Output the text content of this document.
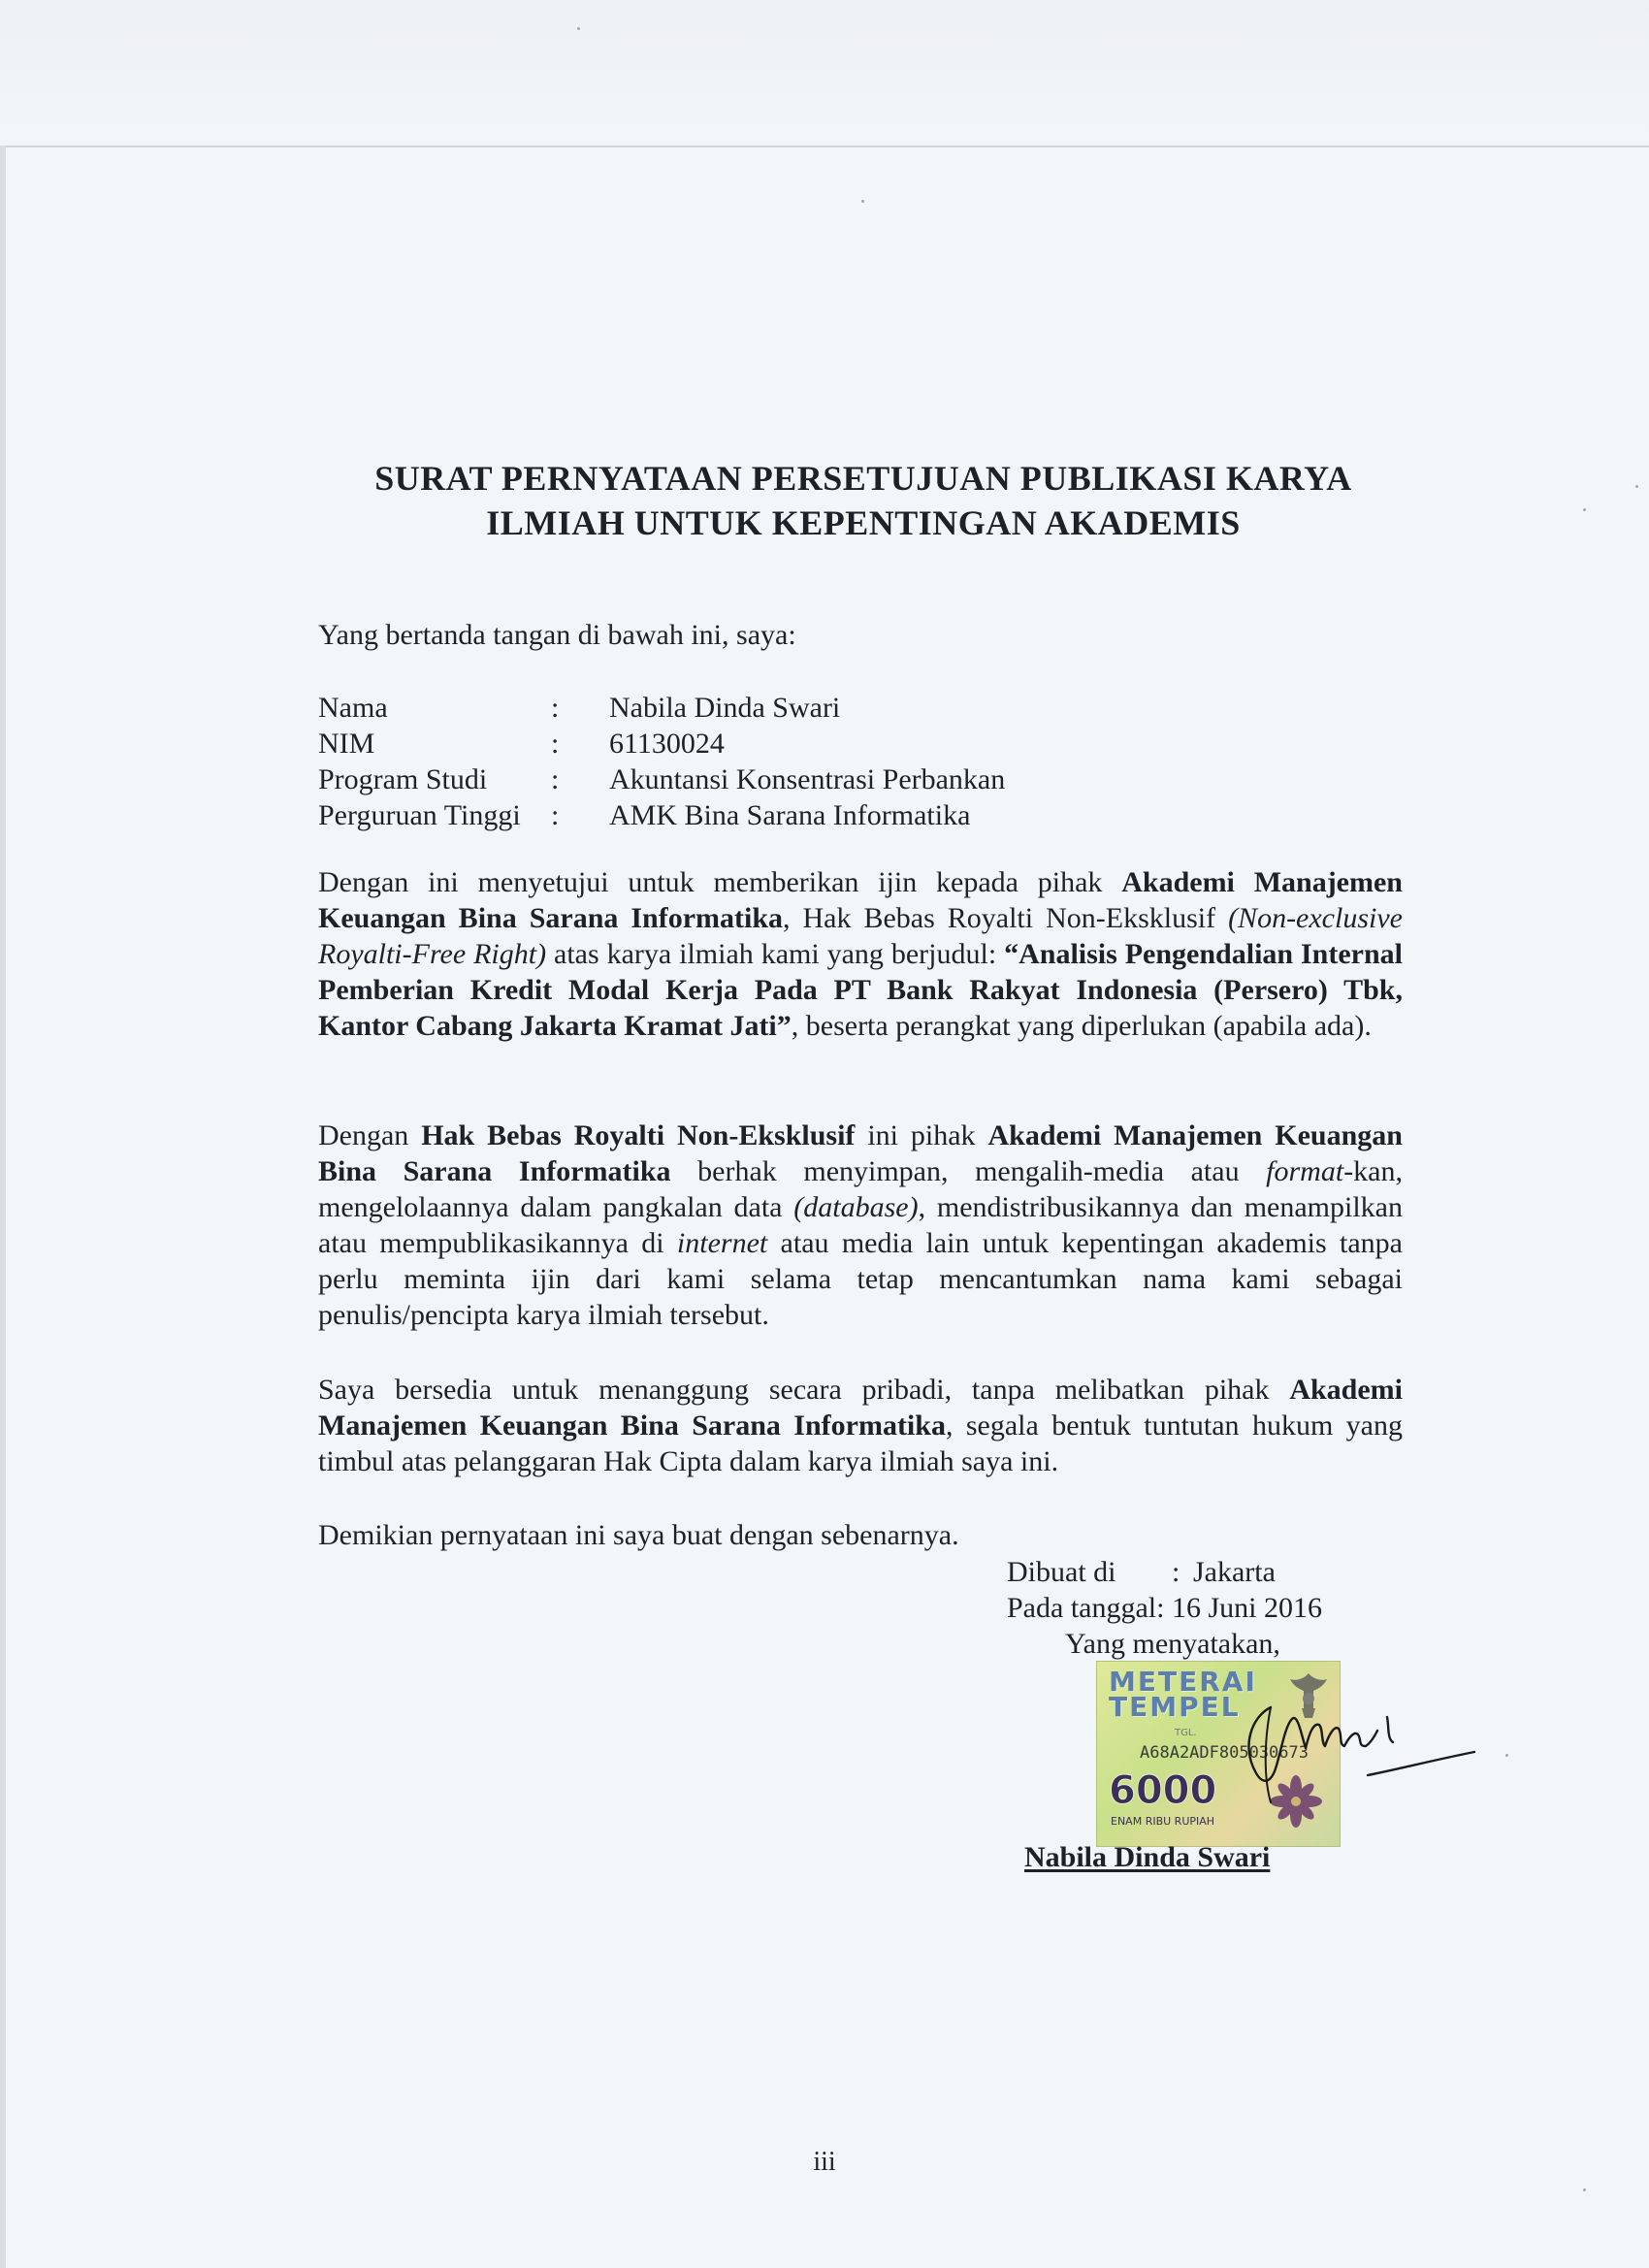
SURAT PERNYATAAN PERSETUJUAN PUBLIKASI KARYA
ILMIAH UNTUK KEPENTINGAN AKADEMIS
Yang bertanda tangan di bawah ini, saya:
Nama	:	Nabila Dinda Swari
NIM	:	61130024
Program Studi	:	Akuntansi Konsentrasi Perbankan
Perguruan Tinggi	:	AMK Bina Sarana Informatika
Dengan ini menyetujui untuk memberikan ijin kepada pihak Akademi Manajemen Keuangan Bina Sarana Informatika, Hak Bebas Royalti Non-Eksklusif (Non-exclusive Royalti-Free Right) atas karya ilmiah kami yang berjudul: “Analisis Pengendalian Internal Pemberian Kredit Modal Kerja Pada PT Bank Rakyat Indonesia (Persero) Tbk, Kantor Cabang Jakarta Kramat Jati”, beserta perangkat yang diperlukan (apabila ada).
Dengan Hak Bebas Royalti Non-Eksklusif ini pihak Akademi Manajemen Keuangan Bina Sarana Informatika berhak menyimpan, mengalih-media atau format-kan, mengelolaannya dalam pangkalan data (database), mendistribusikannya dan menampilkan atau mempublikasikannya di internet atau media lain untuk kepentingan akademis tanpa perlu meminta ijin dari kami selama tetap mencantumkan nama kami sebagai penulis/pencipta karya ilmiah tersebut.
Saya bersedia untuk menanggung secara pribadi, tanpa melibatkan pihak Akademi Manajemen Keuangan Bina Sarana Informatika, segala bentuk tuntutan hukum yang timbul atas pelanggaran Hak Cipta dalam karya ilmiah saya ini.
Demikian pernyataan ini saya buat dengan sebenarnya.
Dibuat di	: Jakarta
Pada tanggal: 16 Juni 2016
Yang menyatakan,
METERAI
TEMPEL
TGL.
A68A2ADF805030673
6000
ENAM RIBU RUPIAH
Nabila Dinda Swari
iii
